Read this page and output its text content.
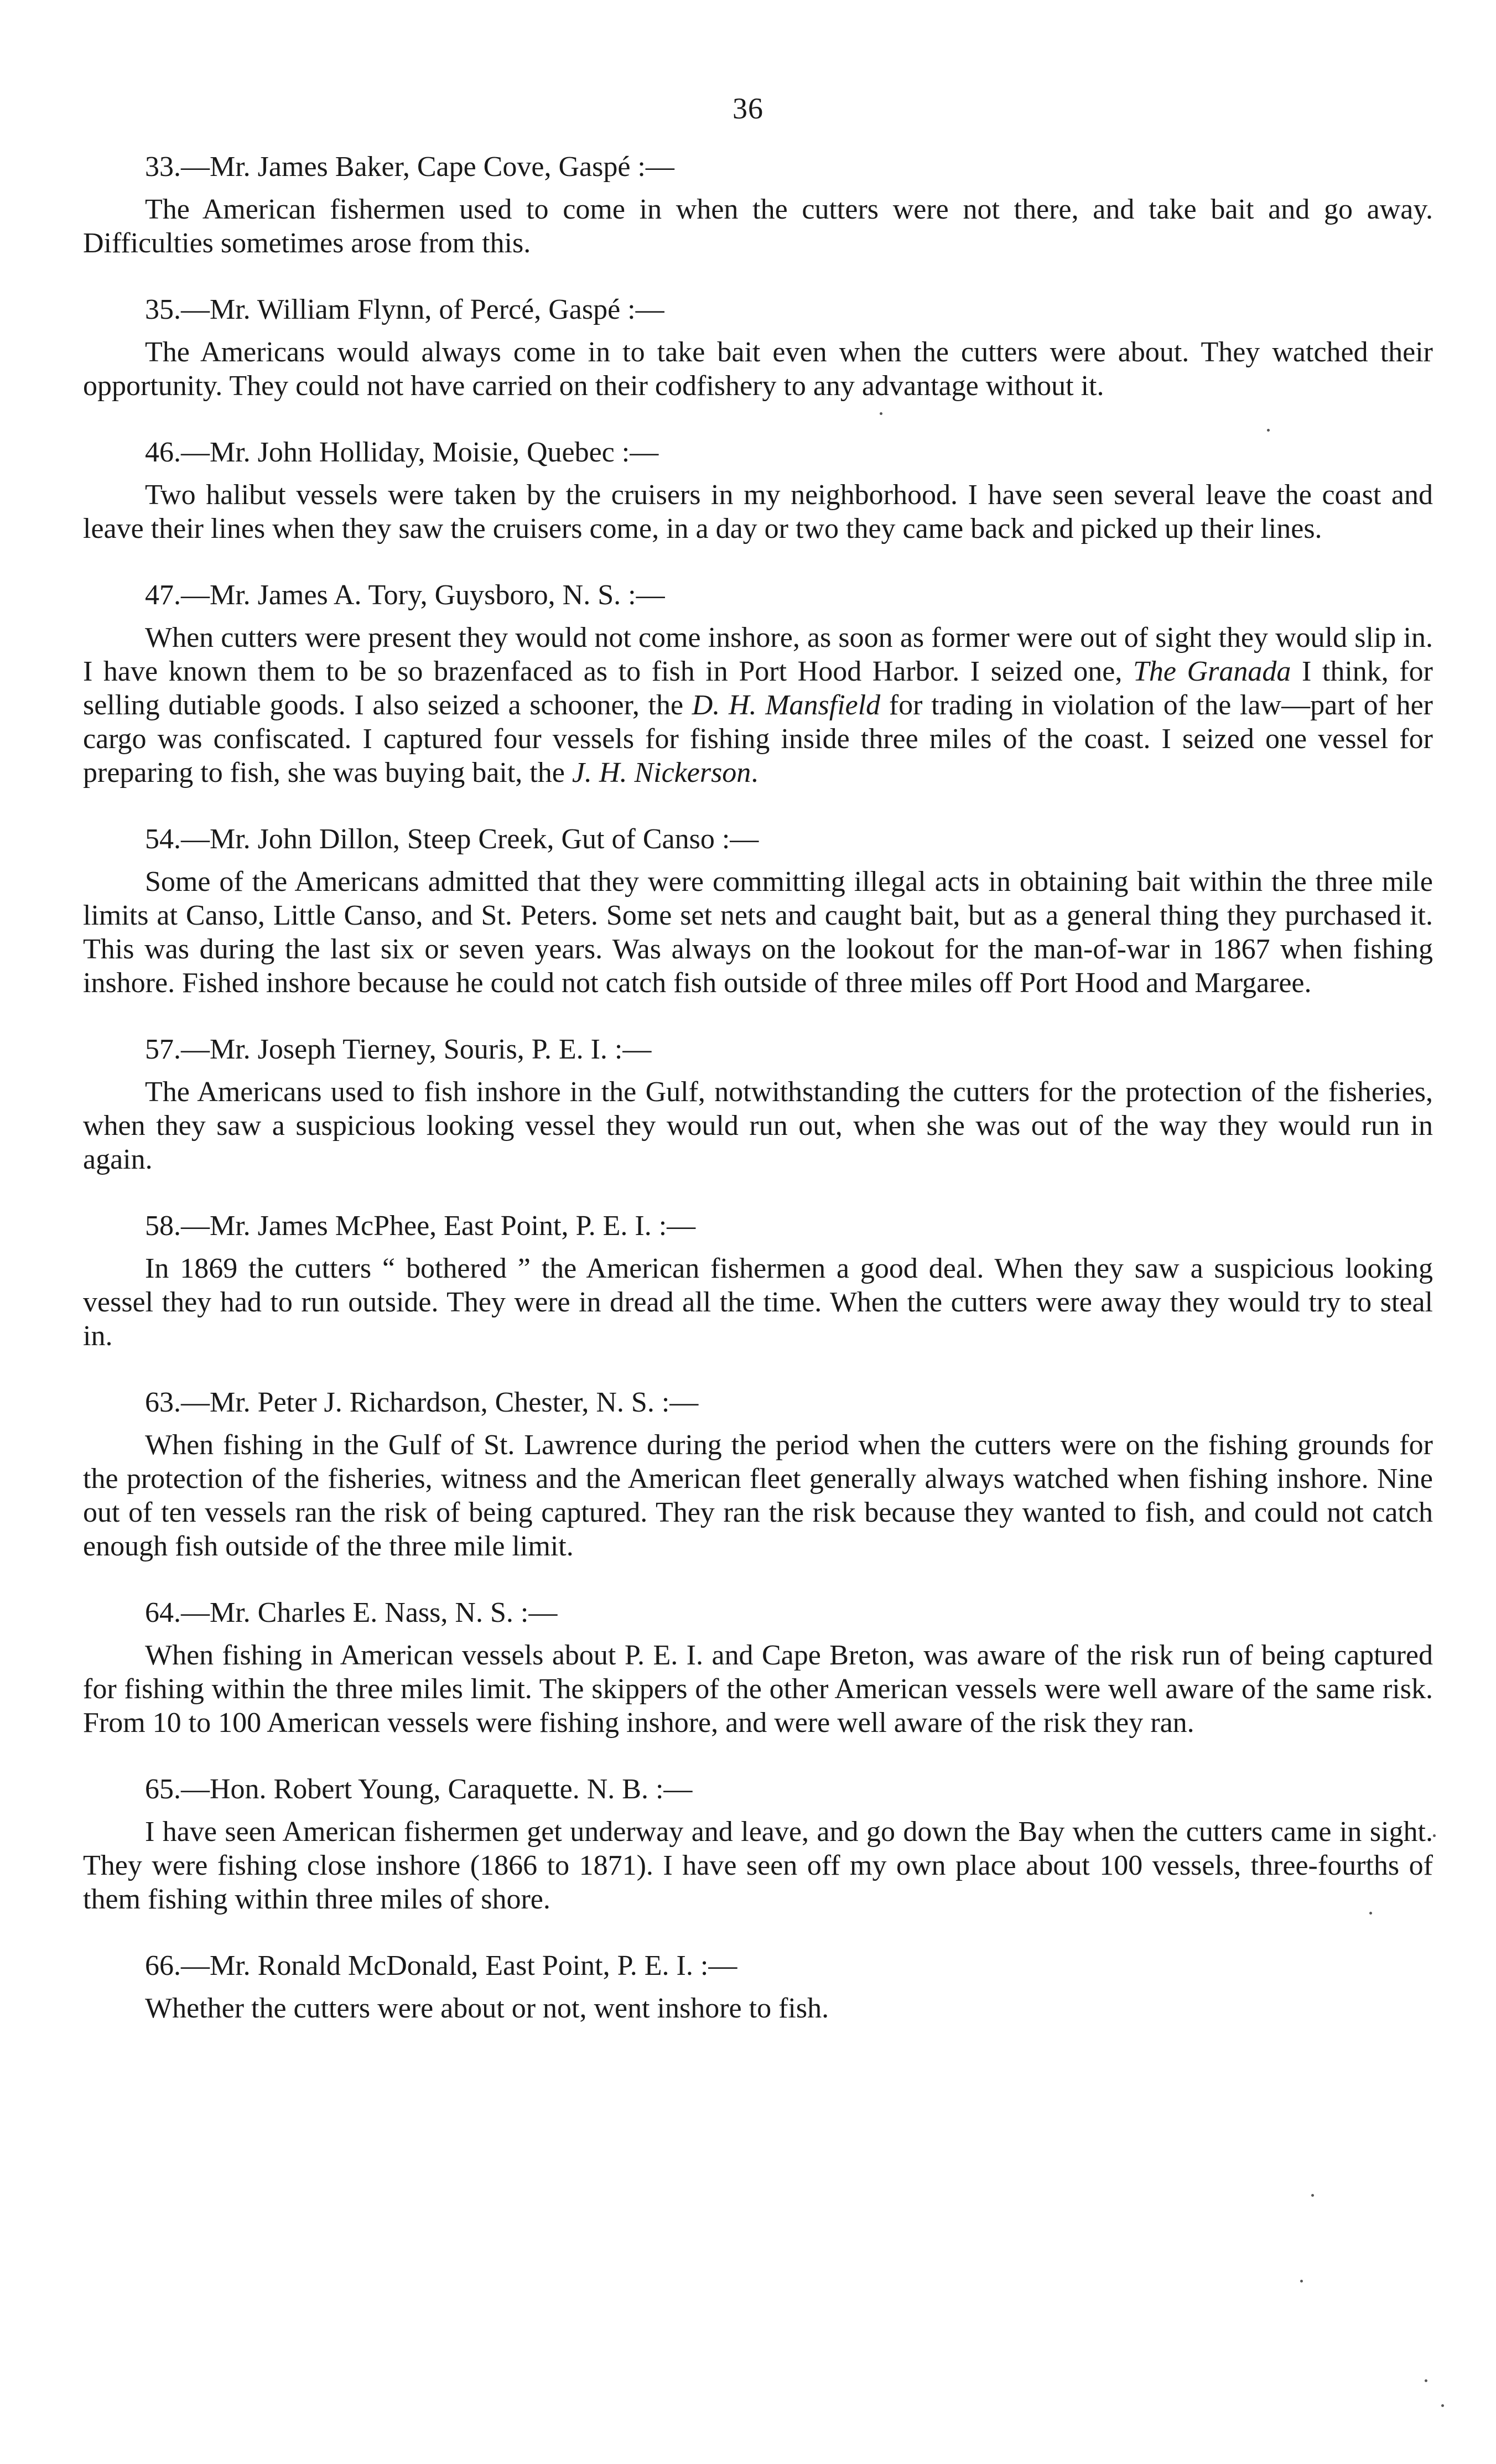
36

33.—Mr. James Baker, Cape Cove, Gaspé :—

The American fishermen used to come in when the cutters were not there, and take bait and go away. Difficulties sometimes arose from this.

35.—Mr. William Flynn, of Percé, Gaspé :—

The Americans would always come in to take bait even when the cutters were about. They watched their opportunity. They could not have carried on their codfishery to any advantage without it.

46.—Mr. John Holliday, Moisie, Quebec :—

Two halibut vessels were taken by the cruisers in my neighborhood. I have seen several leave the coast and leave their lines when they saw the cruisers come, in a day or two they came back and picked up their lines.

47.—Mr. James A. Tory, Guysboro, N. S. :—

When cutters were present they would not come inshore, as soon as former were out of sight they would slip in. I have known them to be so brazenfaced as to fish in Port Hood Harbor. I seized one, The Granada I think, for selling dutiable goods. I also seized a schooner, the D. H. Mansfield for trading in violation of the law—part of her cargo was confiscated. I captured four vessels for fishing inside three miles of the coast. I seized one vessel for preparing to fish, she was buying bait, the J. H. Nickerson.

54.—Mr. John Dillon, Steep Creek, Gut of Canso :—

Some of the Americans admitted that they were committing illegal acts in obtaining bait within the three mile limits at Canso, Little Canso, and St. Peters. Some set nets and caught bait, but as a general thing they purchased it. This was during the last six or seven years. Was always on the lookout for the man-of-war in 1867 when fishing inshore. Fished inshore because he could not catch fish outside of three miles off Port Hood and Margaree.

57.—Mr. Joseph Tierney, Souris, P. E. I. :—

The Americans used to fish inshore in the Gulf, notwithstanding the cutters for the protection of the fisheries, when they saw a suspicious looking vessel they would run out, when she was out of the way they would run in again.

58.—Mr. James McPhee, East Point, P. E. I. :—

In 1869 the cutters “ bothered ” the American fishermen a good deal. When they saw a suspicious looking vessel they had to run outside. They were in dread all the time. When the cutters were away they would try to steal in.

63.—Mr. Peter J. Richardson, Chester, N. S. :—

When fishing in the Gulf of St. Lawrence during the period when the cutters were on the fishing grounds for the protection of the fisheries, witness and the American fleet generally always watched when fishing inshore. Nine out of ten vessels ran the risk of being captured. They ran the risk because they wanted to fish, and could not catch enough fish outside of the three mile limit.

64.—Mr. Charles E. Nass, N. S. :—

When fishing in American vessels about P. E. I. and Cape Breton, was aware of the risk run of being captured for fishing within the three miles limit. The skippers of the other American vessels were well aware of the same risk. From 10 to 100 American vessels were fishing inshore, and were well aware of the risk they ran.

65.—Hon. Robert Young, Caraquette. N. B. :—

I have seen American fishermen get underway and leave, and go down the Bay when the cutters came in sight. They were fishing close inshore (1866 to 1871). I have seen off my own place about 100 vessels, three-fourths of them fishing within three miles of shore.

66.—Mr. Ronald McDonald, East Point, P. E. I. :—

Whether the cutters were about or not, went inshore to fish.
